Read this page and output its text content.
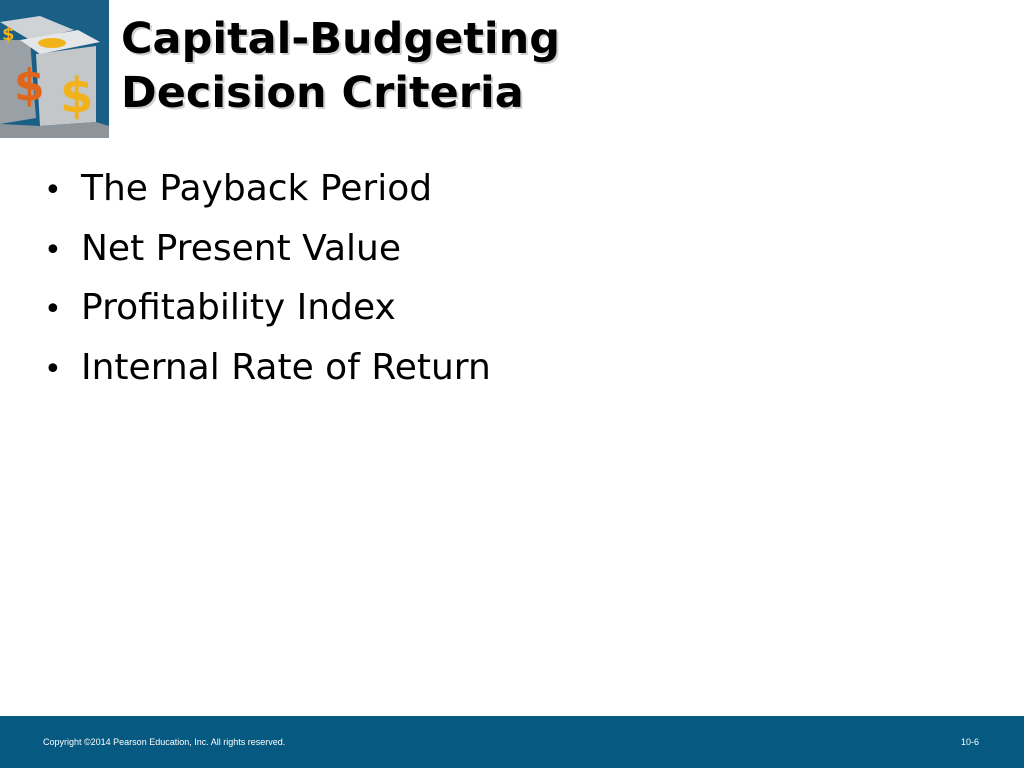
$ $
$ Capital-Budgeting
Decision Criteria
• The Payback Period
• Net Present Value
• Profitability Index
• Internal Rate of Return
Copyright ©2014 Pearson Education, Inc. All rights reserved.	10-6
